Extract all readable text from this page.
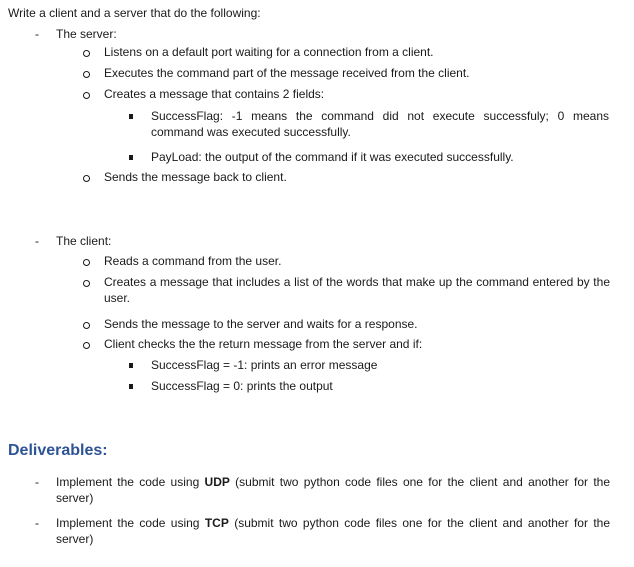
Write a client and a server that do the following:
- The server:
Listens on a default port waiting for a connection from a client.
Executes the command part of the message received from the client.
Creates a message that contains 2 fields:
SuccessFlag: -1 means the command did not execute successfuly; 0 means command was executed successfully.
PayLoad: the output of the command if it was executed successfully.
Sends the message back to client.
- The client:
Reads a command from the user.
Creates a message that includes a list of the words that make up the command entered by the user.
Sends the message to the server and waits for a response.
Client checks the the return message from the server and if:
SuccessFlag = -1: prints an error message
SuccessFlag = 0: prints the output
Deliverables:
- Implement the code using UDP (submit two python code files one for the client and another for the server)
- Implement the code using TCP (submit two python code files one for the client and another for the server)
